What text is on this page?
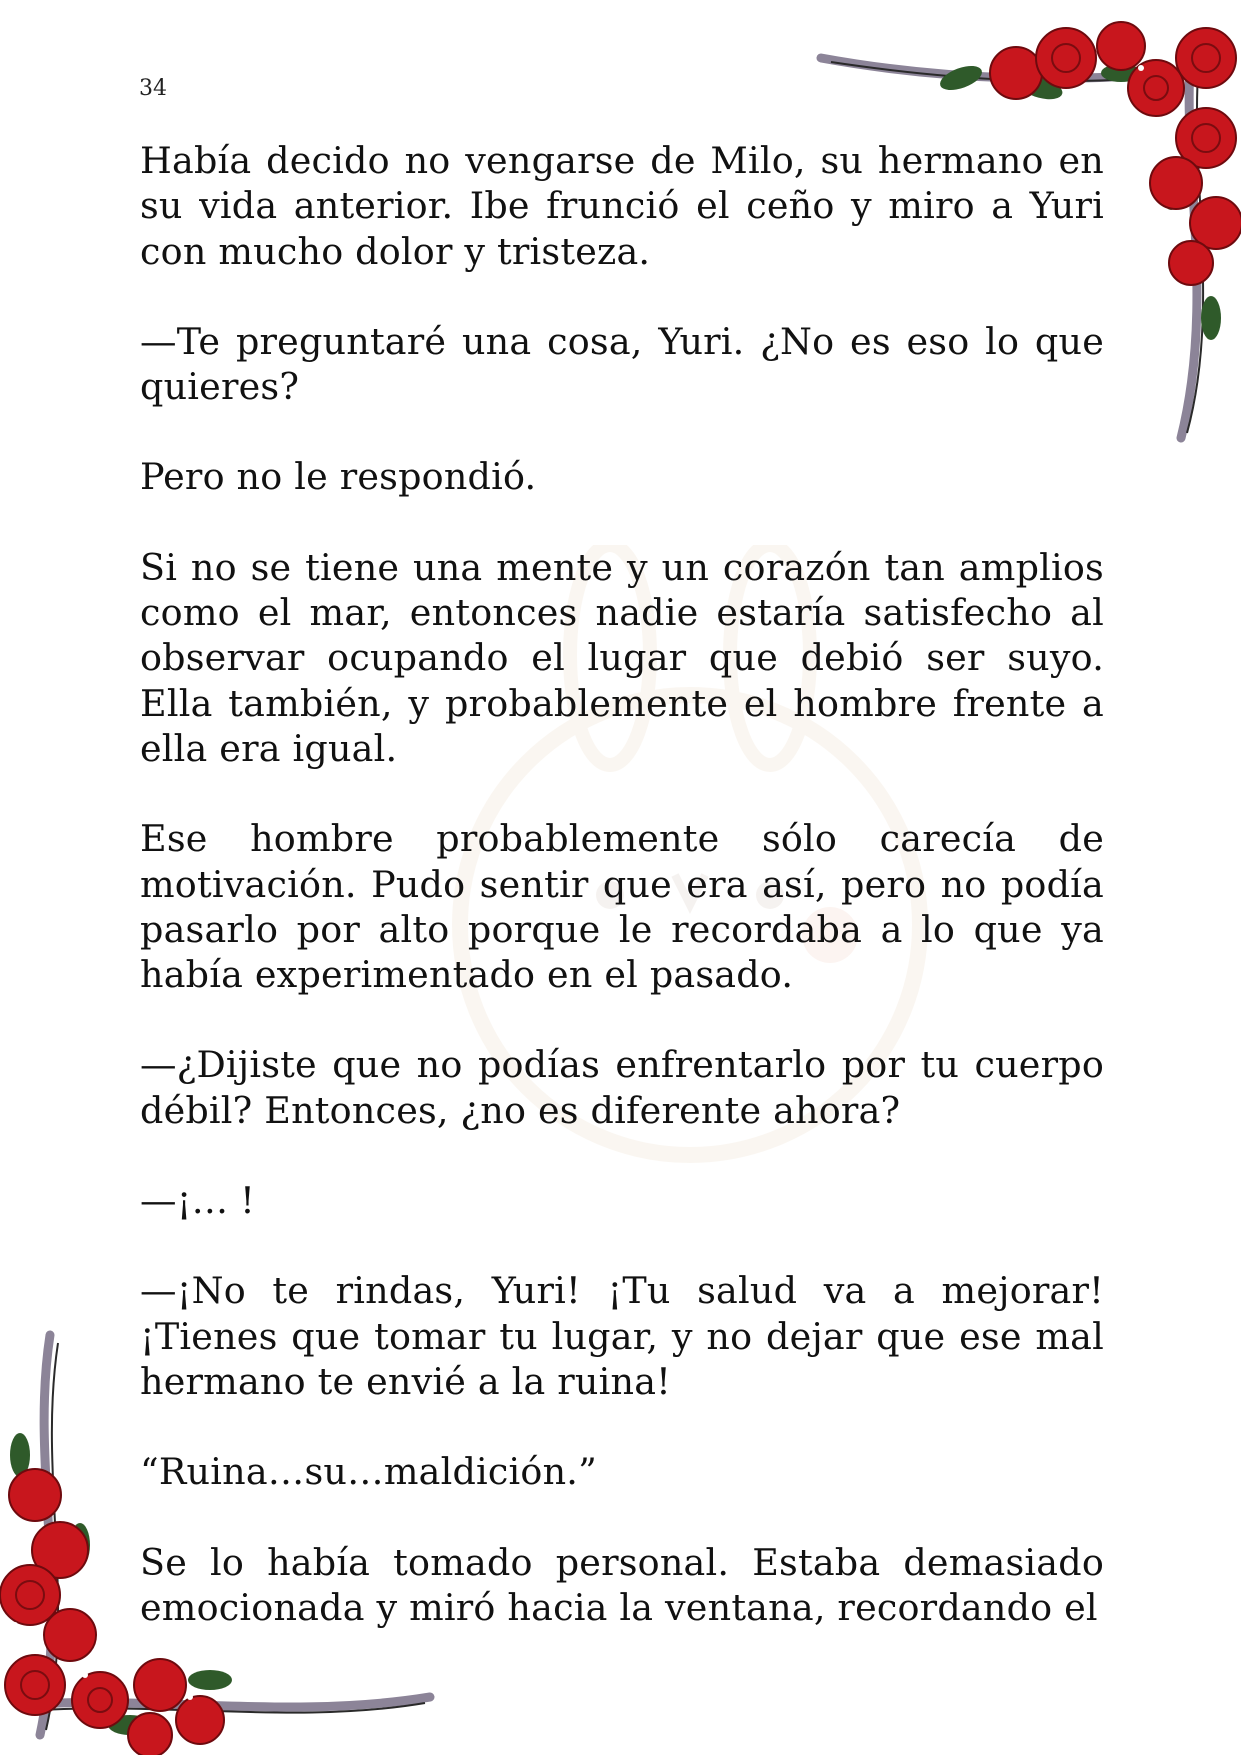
34

Había decido no vengarse de Milo, su hermano en su vida anterior. Ibe frunció el ceño y miro a Yuri con mucho dolor y tristeza.

—Te preguntaré una cosa, Yuri. ¿No es eso lo que quieres?

Pero no le respondió.

Si no se tiene una mente y un corazón tan amplios como el mar, entonces nadie estaría satisfecho al observar ocupando el lugar que debió ser suyo. Ella también, y probablemente el hombre frente a ella era igual.

Ese hombre probablemente sólo carecía de motivación. Pudo sentir que era así, pero no podía pasarlo por alto porque le recordaba a lo que ya había experimentado en el pasado.

—¿Dijiste que no podías enfrentarlo por tu cuerpo débil? Entonces, ¿no es diferente ahora?

—¡… !

—¡No te rindas, Yuri! ¡Tu salud va a mejorar! ¡Tienes que tomar tu lugar, y no dejar que ese mal hermano te envié a la ruina!

“Ruina…su…maldición.”

Se lo había tomado personal. Estaba demasiado emocionada y miró hacia la ventana, recordando el
